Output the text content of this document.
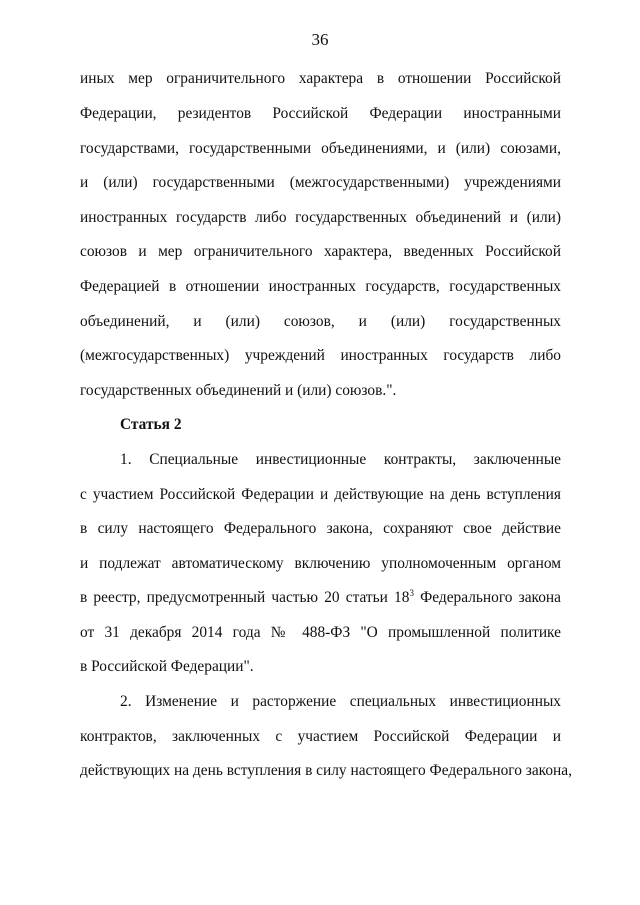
36
иных мер ограничительного характера в отношении Российской
Федерации, резидентов Российской Федерации иностранными
государствами, государственными объединениями, и (или) союзами,
и (или) государственными (межгосударственными) учреждениями
иностранных государств либо государственных объединений и (или)
союзов и мер ограничительного характера, введенных Российской
Федерацией в отношении иностранных государств, государственных
объединений, и (или) союзов, и (или) государственных
(межгосударственных) учреждений иностранных государств либо
государственных объединений и (или) союзов.".
Статья 2
1. Специальные инвестиционные контракты, заключенные
с участием Российской Федерации и действующие на день вступления
в силу настоящего Федерального закона, сохраняют свое действие
и подлежат автоматическому включению уполномоченным органом
в реестр, предусмотренный частью 20 статьи $18^3$ Федерального закона
от 31 декабря 2014 года № 488-ФЗ "О промышленной политике
в Российской Федерации".
2. Изменение и расторжение специальных инвестиционных
контрактов, заключенных с участием Российской Федерации и
действующих на день вступления в силу настоящего Федерального закона,
